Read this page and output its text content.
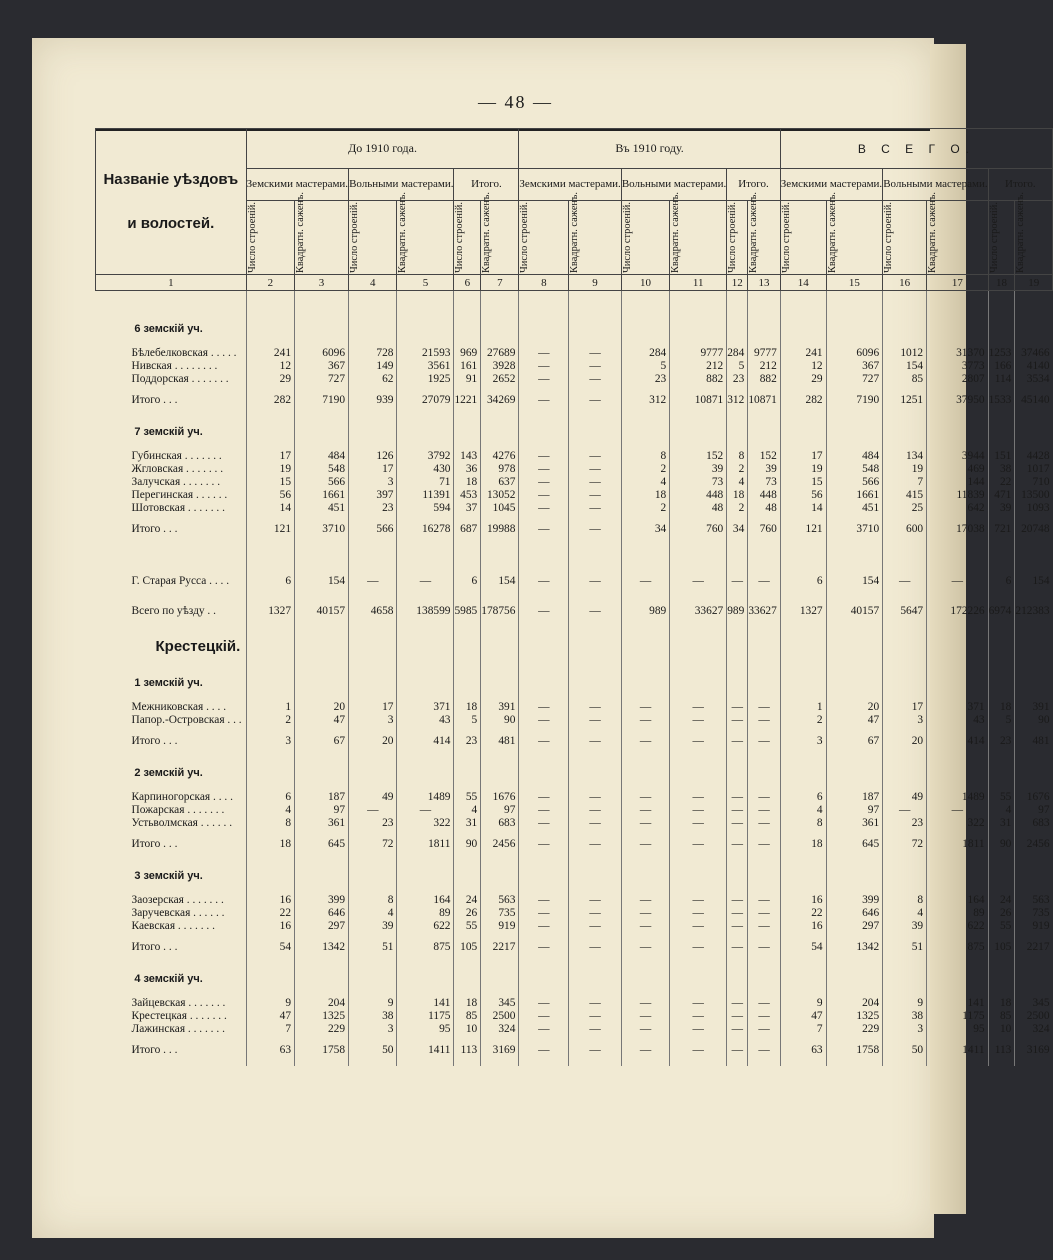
— 48 —
Названіе уѣздовъ
и волостей.	До 1910 года.						Въ 1910 году.						В С Е Г О.					
	Земскими мастерами.		Вольными мастерами.		Итого.		Земскими мастерами.		Вольными мастерами.		Итого.		Земскими мастерами.		Вольными мастерами.		Итого.	

	Число строеній.	Квадратн. саженъ.	Число строеній.	Квадратн. саженъ.	Число строеній.	Квадратн. саженъ.	Число строеній.	Квадратн. саженъ.	Число строеній.	Квадратн. саженъ.	Число строеній.	Квадратн. саженъ.	Число строеній.	Квадратн. саженъ.	Число строеній.	Квадратн. саженъ.	Число строеній.	Квадратн. саженъ.

1	2	3	4	5	6	7	8	9	10	11	12	13	14	15	16	17	18	19

6 земскій уч.																		
Бѣлебелковская . . . . .	241	6096	728	21593	969	27689	—	—	284	9777	284	9777	241	6096	1012	31370	1253	37466
Нивская . . . . . . . .	12	367	149	3561	161	3928	—	—	5	212	5	212	12	367	154	3773	166	4140
Поддорская . . . . . . .	29	727	62	1925	91	2652	—	—	23	882	23	882	29	727	85	2807	114	3534
Итого . . .	282	7190	939	27079	1221	34269	—	—	312	10871	312	10871	282	7190	1251	37950	1533	45140
7 земскій уч.																		
Губинская . . . . . . .	17	484	126	3792	143	4276	—	—	8	152	8	152	17	484	134	3944	151	4428
Жгловская . . . . . . .	19	548	17	430	36	978	—	—	2	39	2	39	19	548	19	469	38	1017
Залучская . . . . . . .	15	566	3	71	18	637	—	—	4	73	4	73	15	566	7	144	22	710
Перегинская . . . . . .	56	1661	397	11391	453	13052	—	—	18	448	18	448	56	1661	415	11839	471	13500
Шотовская . . . . . . .	14	451	23	594	37	1045	—	—	2	48	2	48	14	451	25	642	39	1093
Итого . . .	121	3710	566	16278	687	19988	—	—	34	760	34	760	121	3710	600	17038	721	20748

Г. Старая Русса . . . .	6	154	—	—	6	154	—	—	—	—	—	—	6	154	—	—	6	154
Всего по уѣзду . .	1327	40157	4658	138599	5985	178756	—	—	989	33627	989	33627	1327	40157	5647	172226	6974	212383
Крестецкій.																		
1 земскій уч.																		
Межниковская . . . .	1	20	17	371	18	391	—	—	—	—	—	—	1	20	17	371	18	391
Папор.-Островская . . .	2	47	3	43	5	90	—	—	—	—	—	—	2	47	3	43	5	90
Итого . . .	3	67	20	414	23	481	—	—	—	—	—	—	3	67	20	414	23	481
2 земскій уч.																		
Карпиногорская . . . .	6	187	49	1489	55	1676	—	—	—	—	—	—	6	187	49	1489	55	1676
Пожарская . . . . . . .	4	97	—	—	4	97	—	—	—	—	—	—	4	97	—	—	4	97
Устьволмская . . . . . .	8	361	23	322	31	683	—	—	—	—	—	—	8	361	23	322	31	683
Итого . . .	18	645	72	1811	90	2456	—	—	—	—	—	—	18	645	72	1811	90	2456
3 земскій уч.																		
Заозерская . . . . . . .	16	399	8	164	24	563	—	—	—	—	—	—	16	399	8	164	24	563
Заручевская . . . . . .	22	646	4	89	26	735	—	—	—	—	—	—	22	646	4	89	26	735
Каевская . . . . . . .	16	297	39	622	55	919	—	—	—	—	—	—	16	297	39	622	55	919
Итого . . .	54	1342	51	875	105	2217	—	—	—	—	—	—	54	1342	51	875	105	2217
4 земскій уч.																		
Зайцевская . . . . . . .	9	204	9	141	18	345	—	—	—	—	—	—	9	204	9	141	18	345
Крестецкая . . . . . . .	47	1325	38	1175	85	2500	—	—	—	—	—	—	47	1325	38	1175	85	2500
Лажинская . . . . . . .	7	229	3	95	10	324	—	—	—	—	—	—	7	229	3	95	10	324
Итого . . .	63	1758	50	1411	113	3169	—	—	—	—	—	—	63	1758	50	1411	113	3169
